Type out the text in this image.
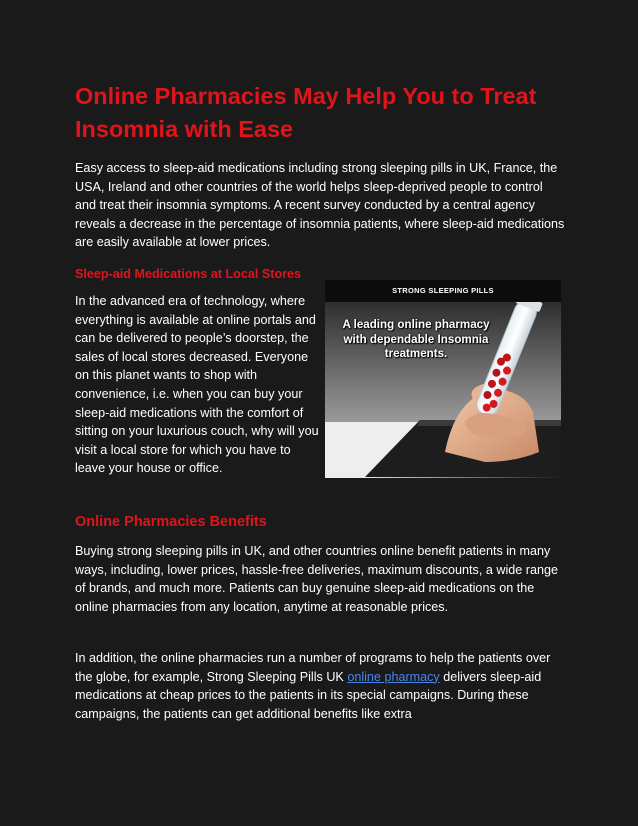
Online Pharmacies May Help You to Treat Insomnia with Ease

Easy access to sleep-aid medications including strong sleeping pills in UK, France, the USA, Ireland and other countries of the world helps sleep-deprived people to control and treat their insomnia symptoms. A recent survey conducted by a central agency reveals a decrease in the percentage of insomnia patients, where sleep-aid medications are easily available at lower prices.

Sleep-aid Medications at Local Stores

In the advanced era of technology, where everything is available at online portals and can be delivered to people’s doorstep, the sales of local stores decreased. Everyone on this planet wants to shop with convenience, i.e. when you can buy your sleep-aid medications with the comfort of sitting on your luxurious couch, why will you visit a local store for which you have to leave your house or office.

STRONG SLEEPING PILLS

A leading online pharmacy with dependable Insomnia treatments.

Online Pharmacies Benefits

Buying strong sleeping pills in UK, and other countries online benefit patients in many ways, including, lower prices, hassle-free deliveries, maximum discounts, a wide range of brands, and much more. Patients can buy genuine sleep-aid medications on the online pharmacies from any location, anytime at reasonable prices.

In addition, the online pharmacies run a number of programs to help the patients over the globe, for example, Strong Sleeping Pills UK online pharmacy delivers sleep-aid medications at cheap prices to the patients in its special campaigns. During these campaigns, the patients can get additional benefits like extra
